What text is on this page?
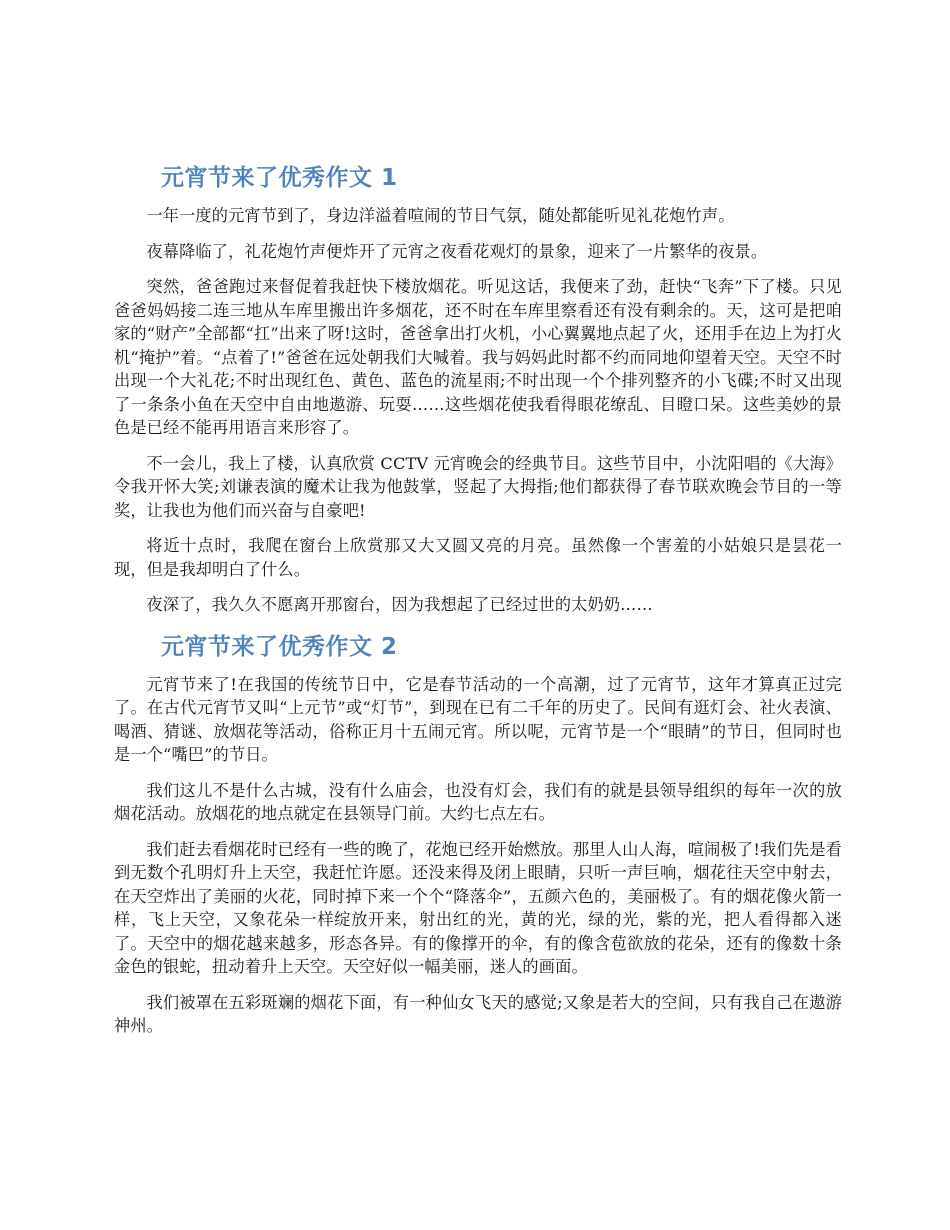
元宵节来了优秀作文 1

一年一度的元宵节到了，身边洋溢着喧闹的节日气氛，随处都能听见礼花炮竹声。

夜幕降临了，礼花炮竹声便炸开了元宵之夜看花观灯的景象，迎来了一片繁华的夜景。

突然，爸爸跑过来督促着我赶快下楼放烟花。听见这话，我便来了劲，赶快“飞奔”下了楼。只见爸爸妈妈接二连三地从车库里搬出许多烟花，还不时在车库里察看还有没有剩余的。天，这可是把咱家的“财产”全部都“扛”出来了呀!这时，爸爸拿出打火机，小心翼翼地点起了火，还用手在边上为打火机“掩护”着。“点着了!”爸爸在远处朝我们大喊着。我与妈妈此时都不约而同地仰望着天空。天空不时出现一个大礼花;不时出现红色、黄色、蓝色的流星雨;不时出现一个个排列整齐的小飞碟;不时又出现了一条条小鱼在天空中自由地遨游、玩耍……这些烟花使我看得眼花缭乱、目瞪口呆。这些美妙的景色是已经不能再用语言来形容了。

不一会儿，我上了楼，认真欣赏 CCTV 元宵晚会的经典节目。这些节目中，小沈阳唱的《大海》令我开怀大笑;刘谦表演的魔术让我为他鼓掌，竖起了大拇指;他们都获得了春节联欢晚会节目的一等奖，让我也为他们而兴奋与自豪吧!

将近十点时，我爬在窗台上欣赏那又大又圆又亮的月亮。虽然像一个害羞的小姑娘只是昙花一现，但是我却明白了什么。

夜深了，我久久不愿离开那窗台，因为我想起了已经过世的太奶奶……

元宵节来了优秀作文 2

元宵节来了!在我国的传统节日中，它是春节活动的一个高潮，过了元宵节，这年才算真正过完了。在古代元宵节又叫“上元节”或“灯节”，到现在已有二千年的历史了。民间有逛灯会、社火表演、喝酒、猜谜、放烟花等活动，俗称正月十五闹元宵。所以呢，元宵节是一个“眼睛”的节日，但同时也是一个“嘴巴”的节日。

我们这儿不是什么古城，没有什么庙会，也没有灯会，我们有的就是县领导组织的每年一次的放烟花活动。放烟花的地点就定在县领导门前。大约七点左右。

我们赶去看烟花时已经有一些的晚了，花炮已经开始燃放。那里人山人海，喧闹极了!我们先是看到无数个孔明灯升上天空，我赶忙许愿。还没来得及闭上眼睛，只听一声巨响，烟花往天空中射去，在天空炸出了美丽的火花，同时掉下来一个个“降落伞”，五颜六色的，美丽极了。有的烟花像火箭一样，飞上天空，又象花朵一样绽放开来，射出红的光，黄的光，绿的光，紫的光，把人看得都入迷了。天空中的烟花越来越多，形态各异。有的像撑开的伞，有的像含苞欲放的花朵，还有的像数十条金色的银蛇，扭动着升上天空。天空好似一幅美丽，迷人的画面。

我们被罩在五彩斑斓的烟花下面，有一种仙女飞天的感觉;又象是若大的空间，只有我自己在遨游神州。
